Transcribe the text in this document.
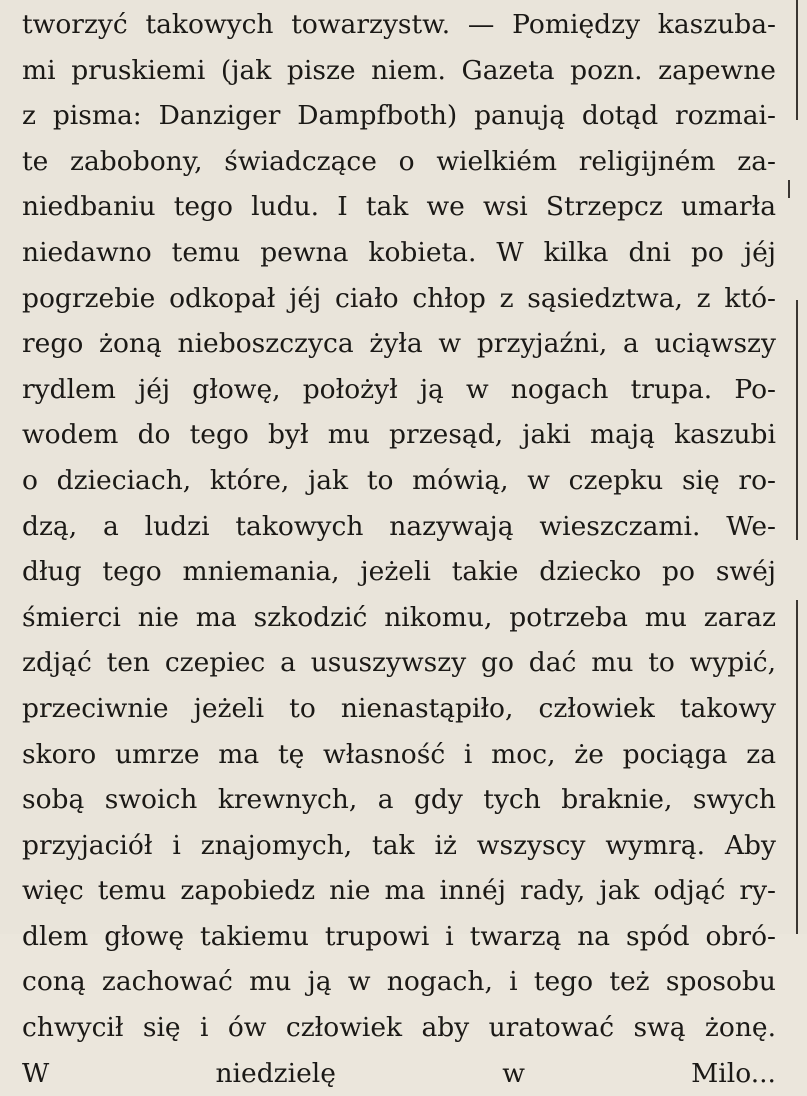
tworzyć takowych towarzystw. — Pomiędzy kaszuba-
mi pruskiemi (jak pisze niem. Gazeta pozn. zapewne
z pisma: Danziger Dampfboth) panują dotąd rozmai-
te zabobony, świadczące o wielkiém religijném za-
niedbaniu tego ludu. I tak we wsi Strzepcz umarła
niedawno temu pewna kobieta. W kilka dni po jéj
pogrzebie odkopał jéj ciało chłop z sąsiedztwa, z któ-
rego żoną nieboszczyca żyła w przyjaźni, a uciąwszy
rydlem jéj głowę, położył ją w nogach trupa. Po-
wodem do tego był mu przesąd, jaki mają kaszubi
o dzieciach, które, jak to mówią, w czepku się ro-
dzą, a ludzi takowych nazywają wieszczami. We-
dług tego mniemania, jeżeli takie dziecko po swéj
śmierci nie ma szkodzić nikomu, potrzeba mu zaraz
zdjąć ten czepiec a ususzywszy go dać mu to wypić,
przeciwnie jeżeli to nienastąpiło, człowiek takowy
skoro umrze ma tę własność i moc, że pociąga za
sobą swoich krewnych, a gdy tych braknie, swych
przyjaciół i znajomych, tak iż wszyscy wymrą. Aby
więc temu zapobiedz nie ma innéj rady, jak odjąć ry-
dlem głowę takiemu trupowi i twarzą na spód obró-
coną zachować mu ją w nogach, i tego też sposobu
chwycił się i ów człowiek aby uratować swą żonę.
W niedzielę w Milo...
